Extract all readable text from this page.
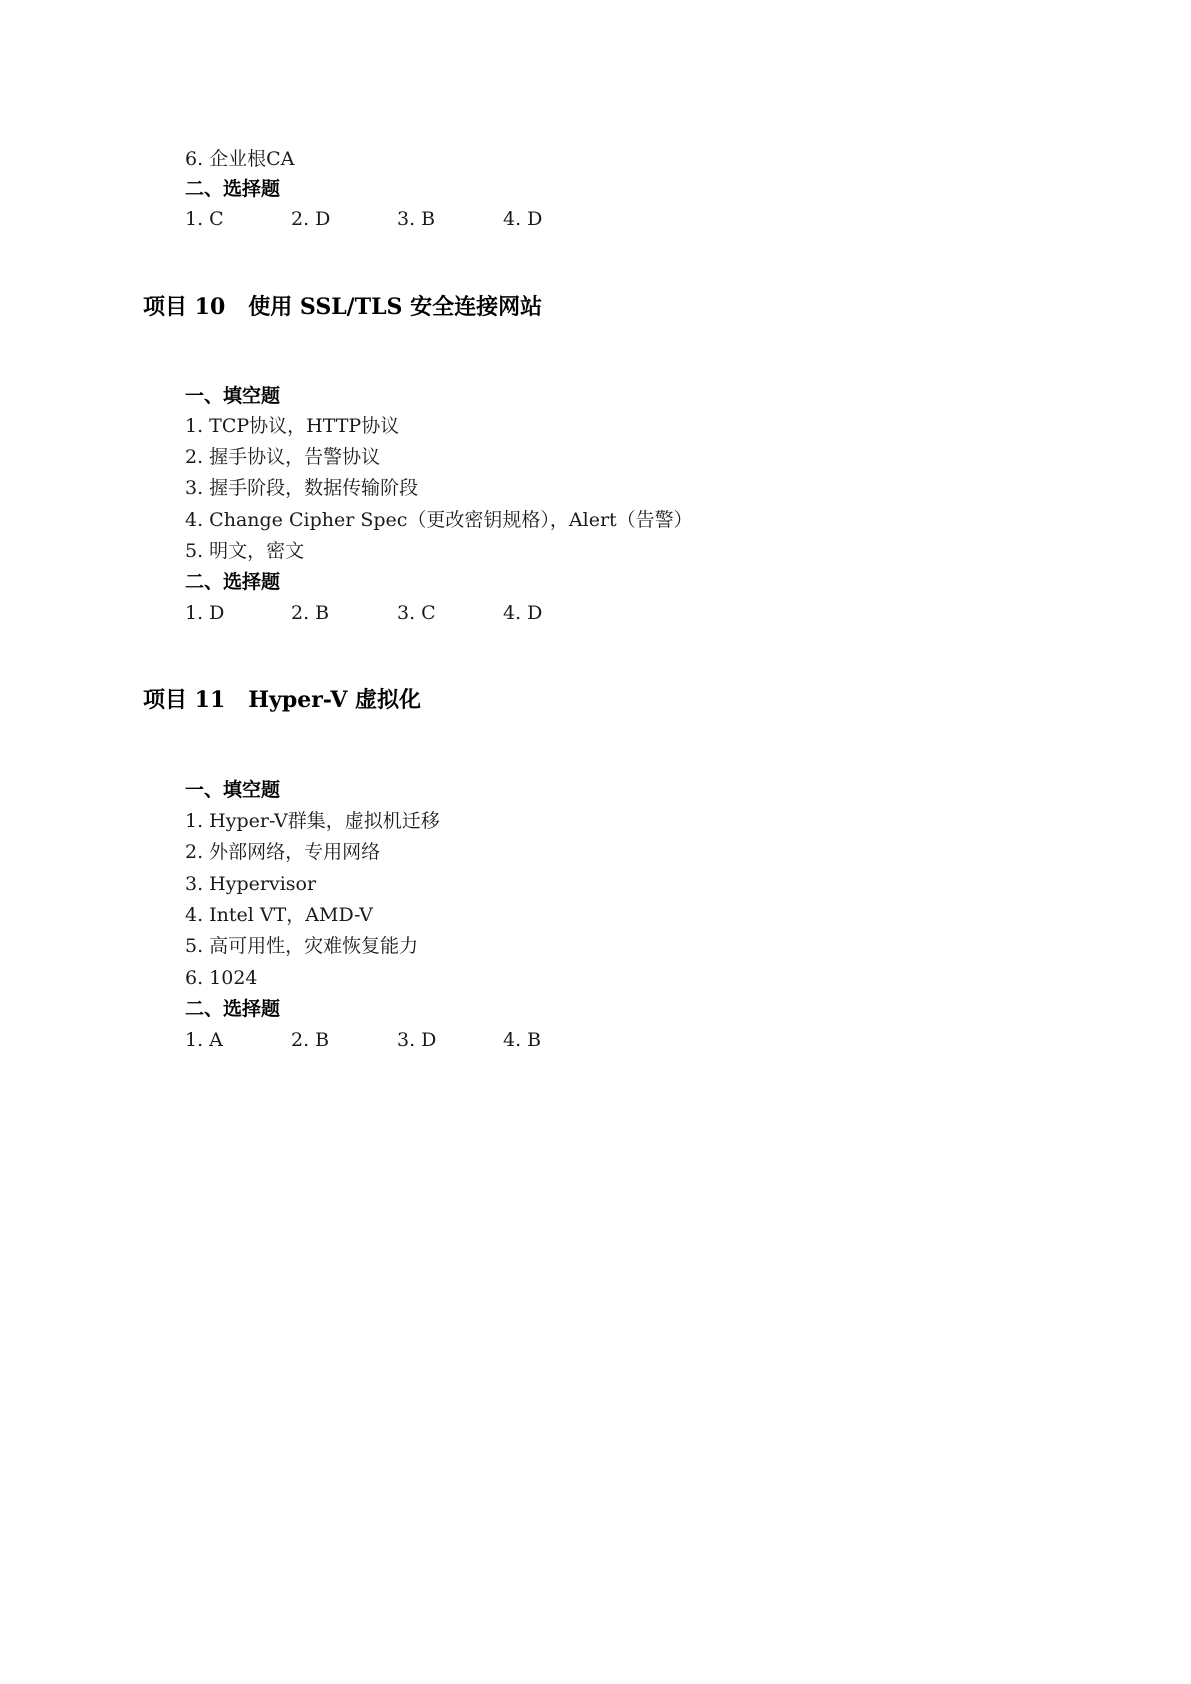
6. 企业根CA
二、选择题
1. C	2. D	3. B	4. D
项目 10   使用 SSL/TLS 安全连接网站
一、填空题
1. TCP协议，HTTP协议
2. 握手协议，告警协议
3. 握手阶段，数据传输阶段
4. Change Cipher Spec（更改密钥规格），Alert（告警）
5. 明文，密文
二、选择题
1. D	2. B	3. C	4. D
项目 11   Hyper-V 虚拟化
一、填空题
1. Hyper-V群集，虚拟机迁移
2. 外部网络，专用网络
3. Hypervisor
4. Intel VT，AMD-V
5. 高可用性，灾难恢复能力
6. 1024
二、选择题
1. A	2. B	3. D	4. B
